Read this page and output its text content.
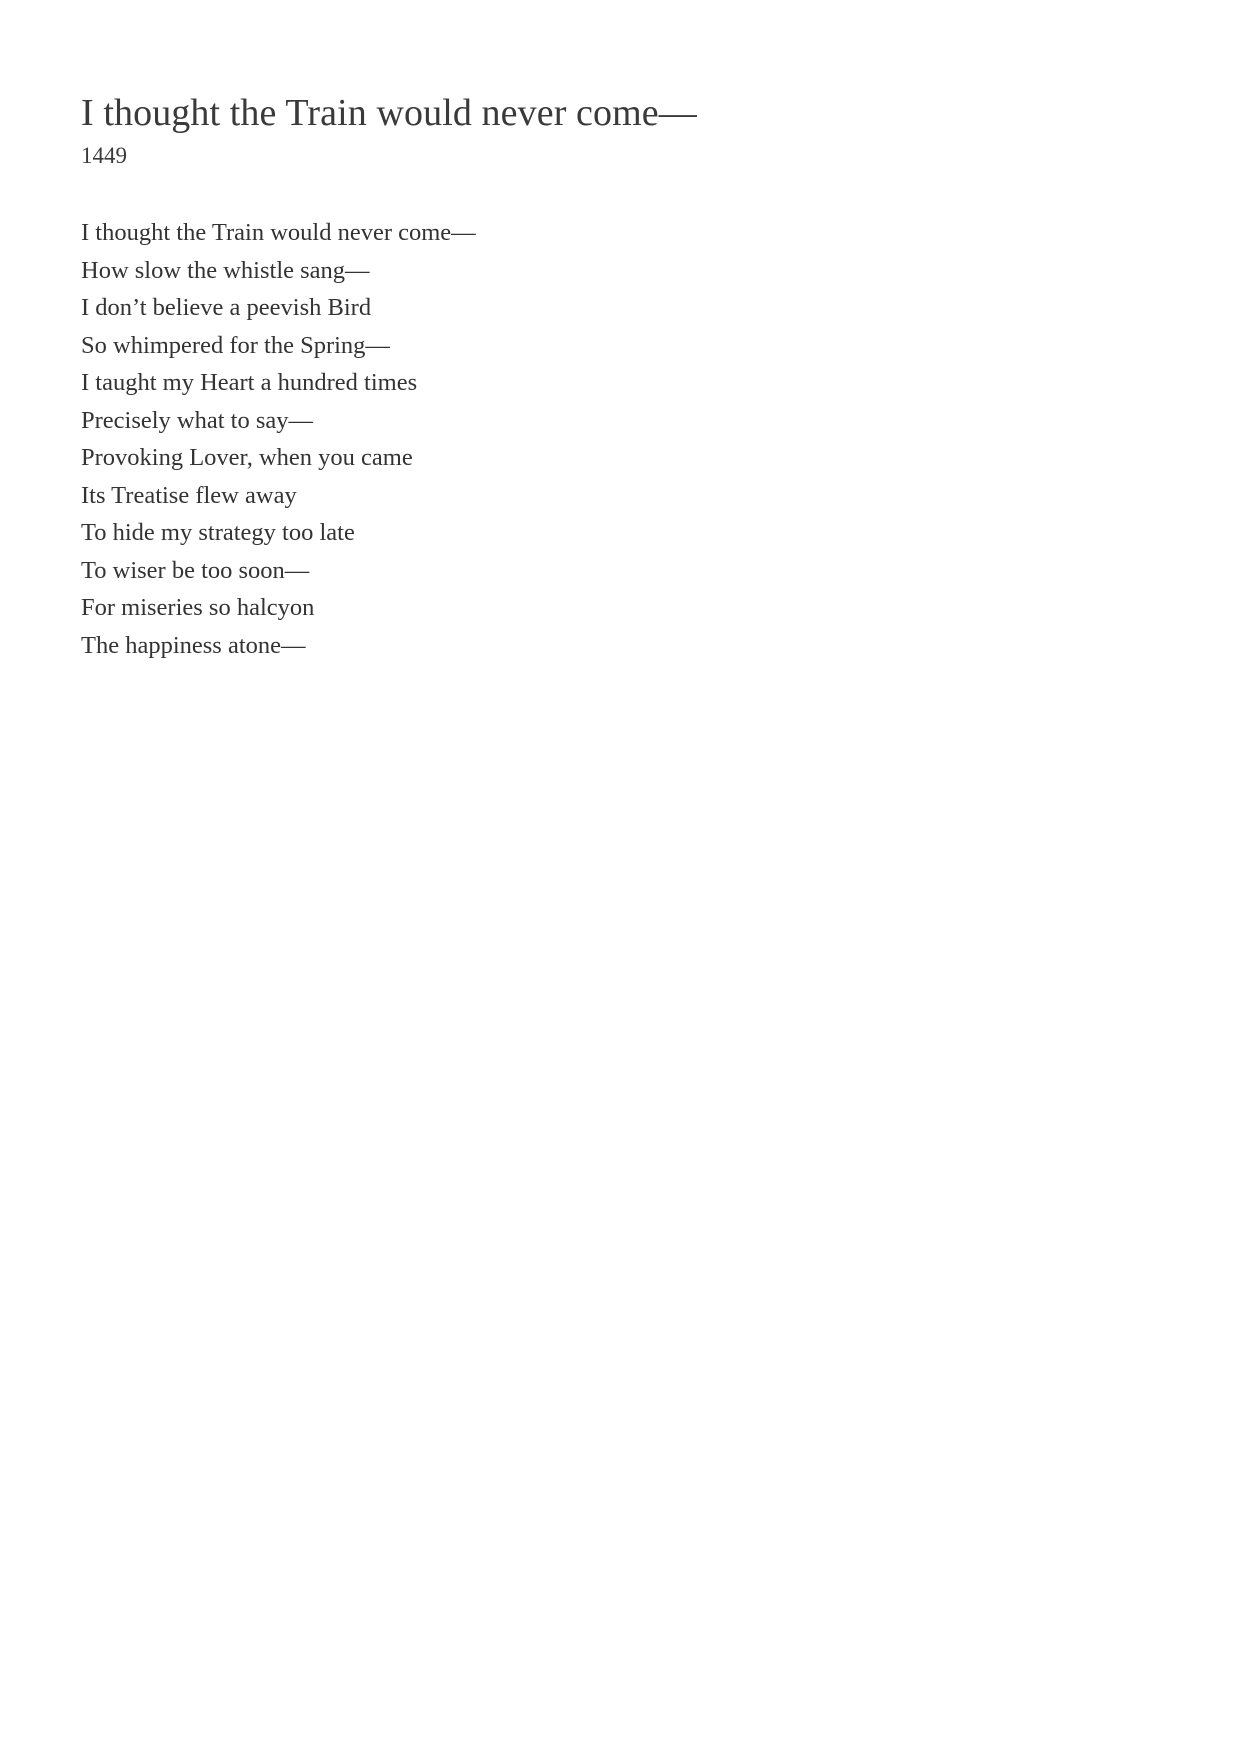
I thought the Train would never come—
1449
I thought the Train would never come—
How slow the whistle sang—
I don’t believe a peevish Bird
So whimpered for the Spring—
I taught my Heart a hundred times
Precisely what to say—
Provoking Lover, when you came
Its Treatise flew away
To hide my strategy too late
To wiser be too soon—
For miseries so halcyon
The happiness atone—
